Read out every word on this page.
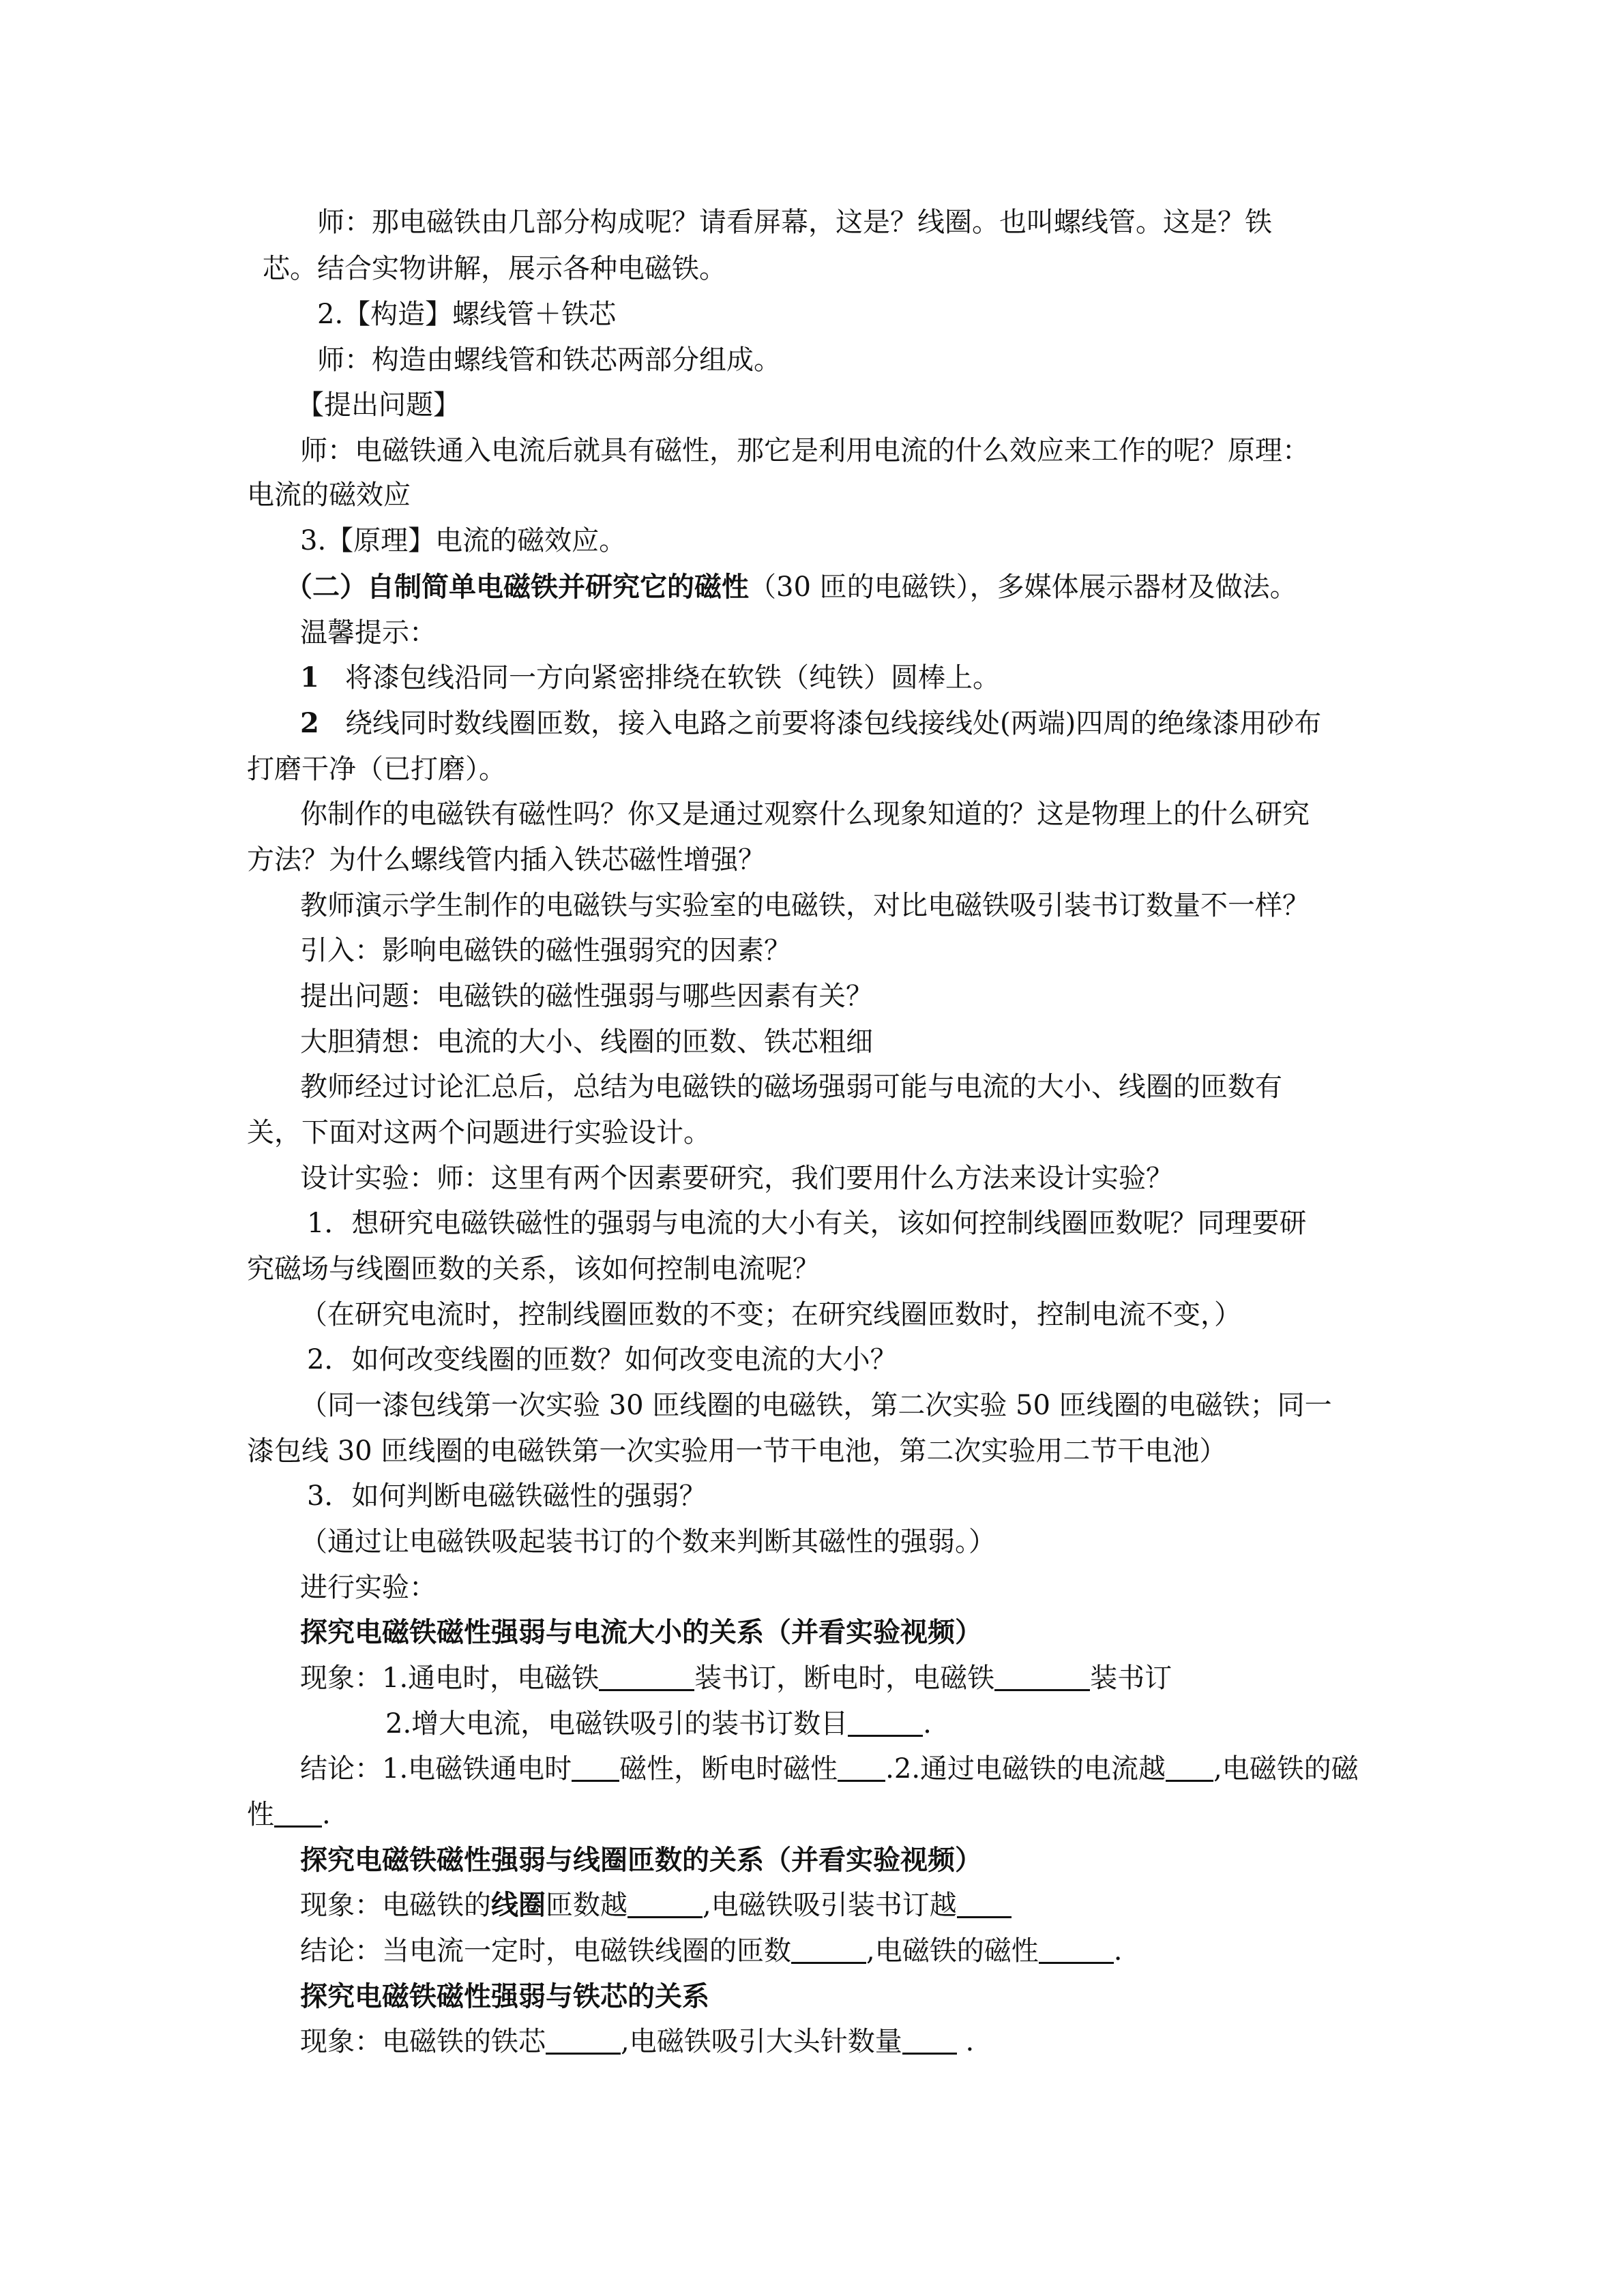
师：那电磁铁由几部分构成呢？请看屏幕，这是？线圈。也叫螺线管。这是？铁
芯。结合实物讲解，展示各种电磁铁。
2.【构造】螺线管＋铁芯
师：构造由螺线管和铁芯两部分组成。
【提出问题】
师：电磁铁通入电流后就具有磁性，那它是利用电流的什么效应来工作的呢？原理：
电流的磁效应
3.【原理】电流的磁效应。
（二）自制简单电磁铁并研究它的磁性（30 匝的电磁铁），多媒体展示器材及做法。
温馨提示：
1 将漆包线沿同一方向紧密排绕在软铁（纯铁）圆棒上。
2 绕线同时数线圈匝数，接入电路之前要将漆包线接线处(两端)四周的绝缘漆用砂布
打磨干净（已打磨）。
你制作的电磁铁有磁性吗？你又是通过观察什么现象知道的？这是物理上的什么研究
方法？为什么螺线管内插入铁芯磁性增强？
教师演示学生制作的电磁铁与实验室的电磁铁，对比电磁铁吸引装书订数量不一样？
引入：影响电磁铁的磁性强弱究的因素？
提出问题：电磁铁的磁性强弱与哪些因素有关？
大胆猜想：电流的大小、线圈的匝数、铁芯粗细
教师经过讨论汇总后，总结为电磁铁的磁场强弱可能与电流的大小、线圈的匝数有
关，下面对这两个问题进行实验设计。
设计实验：师：这里有两个因素要研究，我们要用什么方法来设计实验？
1．想研究电磁铁磁性的强弱与电流的大小有关，该如何控制线圈匝数呢？同理要研
究磁场与线圈匝数的关系，该如何控制电流呢？
（在研究电流时，控制线圈匝数的不变；在研究线圈匝数时，控制电流不变，）
2．如何改变线圈的匝数？如何改变电流的大小？
（同一漆包线第一次实验 30 匝线圈的电磁铁，第二次实验 50 匝线圈的电磁铁；同一
漆包线 30 匝线圈的电磁铁第一次实验用一节干电池，第二次实验用二节干电池）
3．如何判断电磁铁磁性的强弱？
（通过让电磁铁吸起装书订的个数来判断其磁性的强弱。）
进行实验：
探究电磁铁磁性强弱与电流大小的关系（并看实验视频）
现象：1.通电时，电磁铁	装书订，断电时，电磁铁	装书订
2.增大电流，电磁铁吸引的装书订数目	.
结论：1.电磁铁通电时 磁性，断电时磁性 .2.通过电磁铁的电流越 ,电磁铁的磁
性 .
探究电磁铁磁性强弱与线圈匝数的关系（并看实验视频）
现象：电磁铁的线圈匝数越	,电磁铁吸引装书订越
结论：当电流一定时，电磁铁线圈的匝数	,电磁铁的磁性	.
探究电磁铁磁性强弱与铁芯的关系
现象：电磁铁的铁芯	,电磁铁吸引大头针数量 .
